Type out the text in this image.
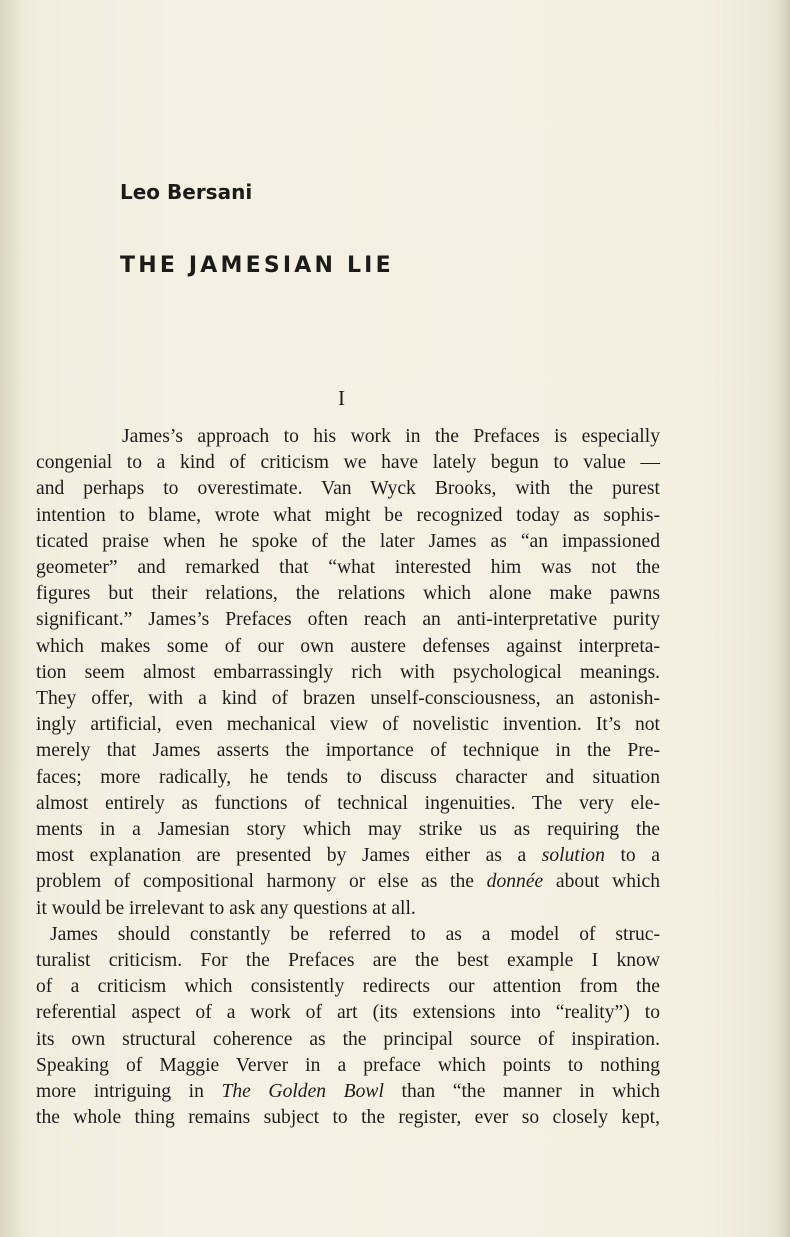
Leo Bersani
THE JAMESIAN LIE
I

James’s approach to his work in the Prefaces is especially
congenial to a kind of criticism we have lately begun to value —
and perhaps to overestimate. Van Wyck Brooks, with the purest
intention to blame, wrote what might be recognized today as sophis-
ticated praise when he spoke of the later James as “an impassioned
geometer” and remarked that “what interested him was not the
figures but their relations, the relations which alone make pawns
significant.” James’s Prefaces often reach an anti-interpretative purity
which makes some of our own austere defenses against interpreta-
tion seem almost embarrassingly rich with psychological meanings.
They offer, with a kind of brazen unself-consciousness, an astonish-
ingly artificial, even mechanical view of novelistic invention. It’s not
merely that James asserts the importance of technique in the Pre-
faces; more radically, he tends to discuss character and situation
almost entirely as functions of technical ingenuities. The very ele-
ments in a Jamesian story which may strike us as requiring the
most explanation are presented by James either as a solution to a
problem of compositional harmony or else as the donnée about which
it would be irrelevant to ask any questions at all.

James should constantly be referred to as a model of struc-
turalist criticism. For the Prefaces are the best example I know
of a criticism which consistently redirects our attention from the
referential aspect of a work of art (its extensions into “reality”) to
its own structural coherence as the principal source of inspiration.
Speaking of Maggie Verver in a preface which points to nothing
more intriguing in The Golden Bowl than “the manner in which
the whole thing remains subject to the register, ever so closely kept,
